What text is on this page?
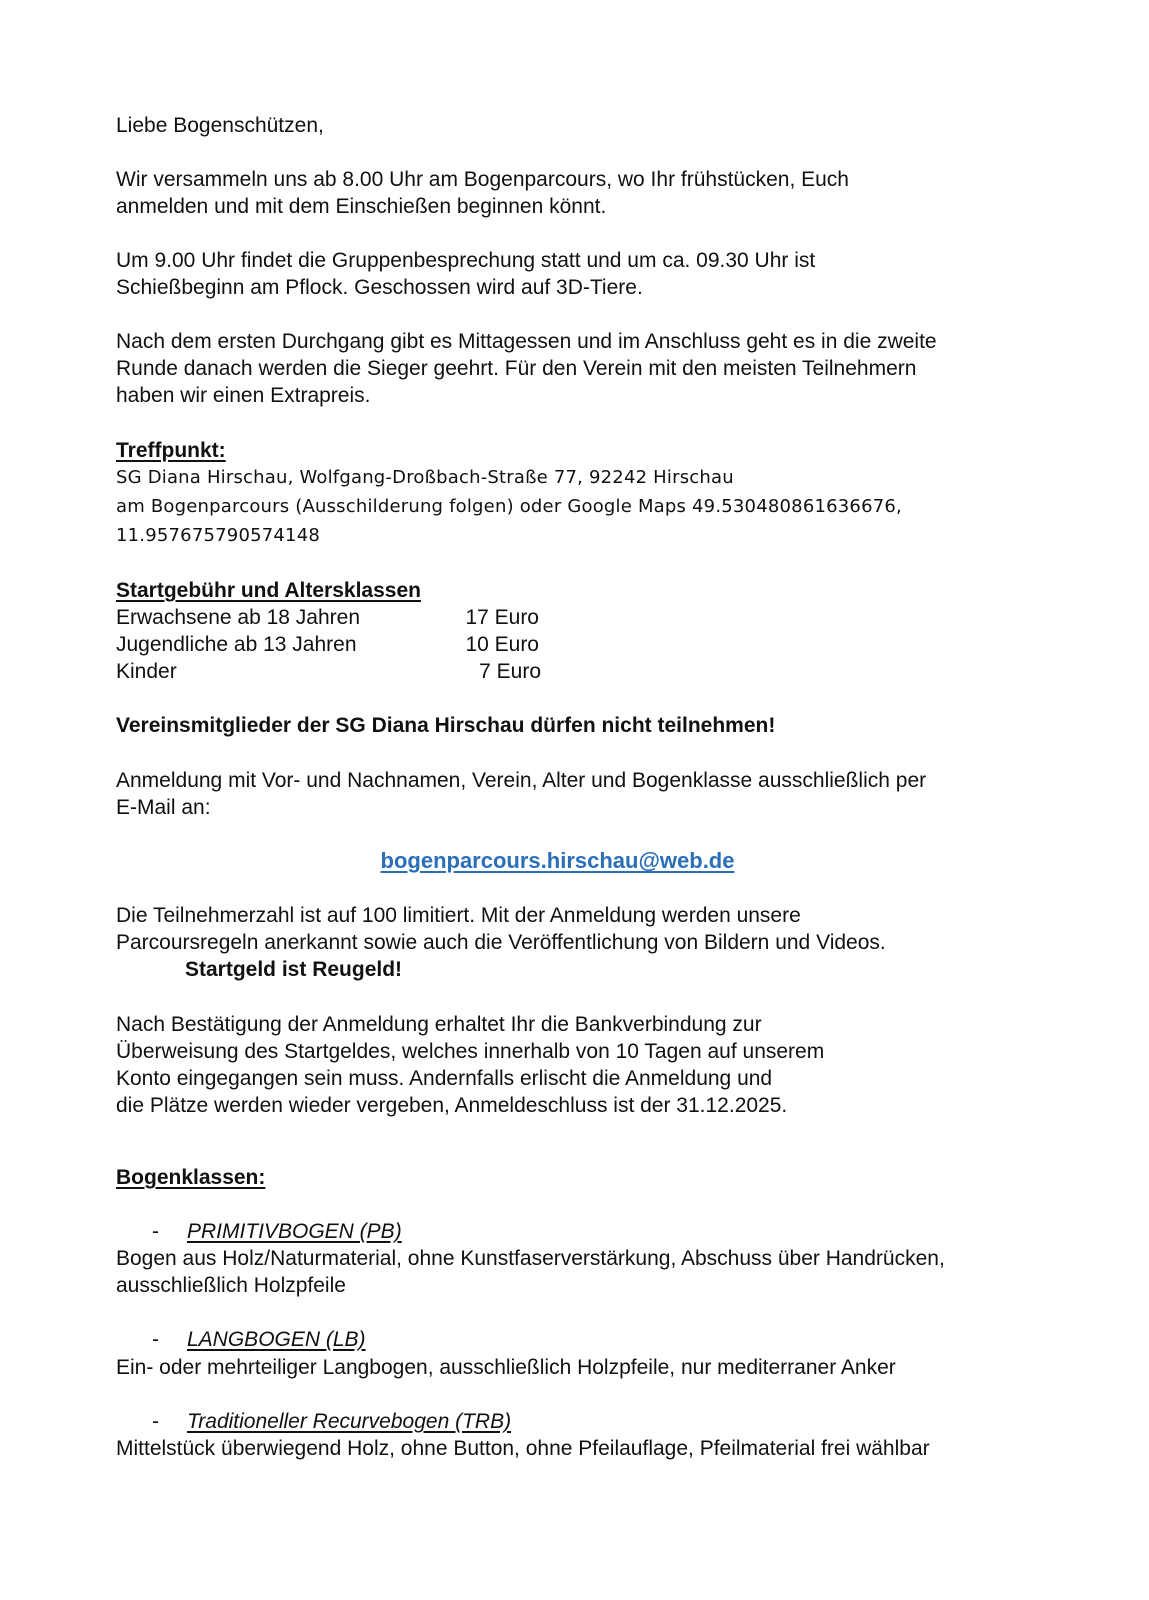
Liebe Bogenschützen,

Wir versammeln uns ab 8.00 Uhr am Bogenparcours, wo Ihr frühstücken, Euch
anmelden und mit dem Einschießen beginnen könnt.

Um 9.00 Uhr findet die Gruppenbesprechung statt und um ca. 09.30 Uhr ist
Schießbeginn am Pflock. Geschossen wird auf 3D-Tiere.

Nach dem ersten Durchgang gibt es Mittagessen und im Anschluss geht es in die zweite
Runde danach werden die Sieger geehrt. Für den Verein mit den meisten Teilnehmern
haben wir einen Extrapreis.

Treffpunkt:

SG Diana Hirschau, Wolfgang-Droßbach-Straße 77, 92242 Hirschau
am Bogenparcours (Ausschilderung folgen) oder Google Maps 49.530480861636676,
11.957675790574148

Startgebühr und Altersklassen

Erwachsene ab 18 Jahren	17 Euro
Jugendliche ab 13 Jahren	10 Euro
Kinder	7 Euro

Vereinsmitglieder der SG Diana Hirschau dürfen nicht teilnehmen!

Anmeldung mit Vor- und Nachnamen, Verein, Alter und Bogenklasse ausschließlich per
E-Mail an:

bogenparcours.hirschau@web.de

Die Teilnehmerzahl ist auf 100 limitiert. Mit der Anmeldung werden unsere
Parcoursregeln anerkannt sowie auch die Veröffentlichung von Bildern und Videos.
Startgeld ist Reugeld!

Nach Bestätigung der Anmeldung erhaltet Ihr die Bankverbindung zur
Überweisung des Startgeldes, welches innerhalb von 10 Tagen auf unserem
Konto eingegangen sein muss. Andernfalls erlischt die Anmeldung und
die Plätze werden wieder vergeben, Anmeldeschluss ist der 31.12.2025.

Bogenklassen:

- PRIMITIVBOGEN (PB)

Bogen aus Holz/Naturmaterial, ohne Kunstfaserverstärkung, Abschuss über Handrücken,
ausschließlich Holzpfeile

- LANGBOGEN (LB)

Ein- oder mehrteiliger Langbogen, ausschließlich Holzpfeile, nur mediterraner Anker

- Traditioneller Recurvebogen (TRB)

Mittelstück überwiegend Holz, ohne Button, ohne Pfeilauflage, Pfeilmaterial frei wählbar
